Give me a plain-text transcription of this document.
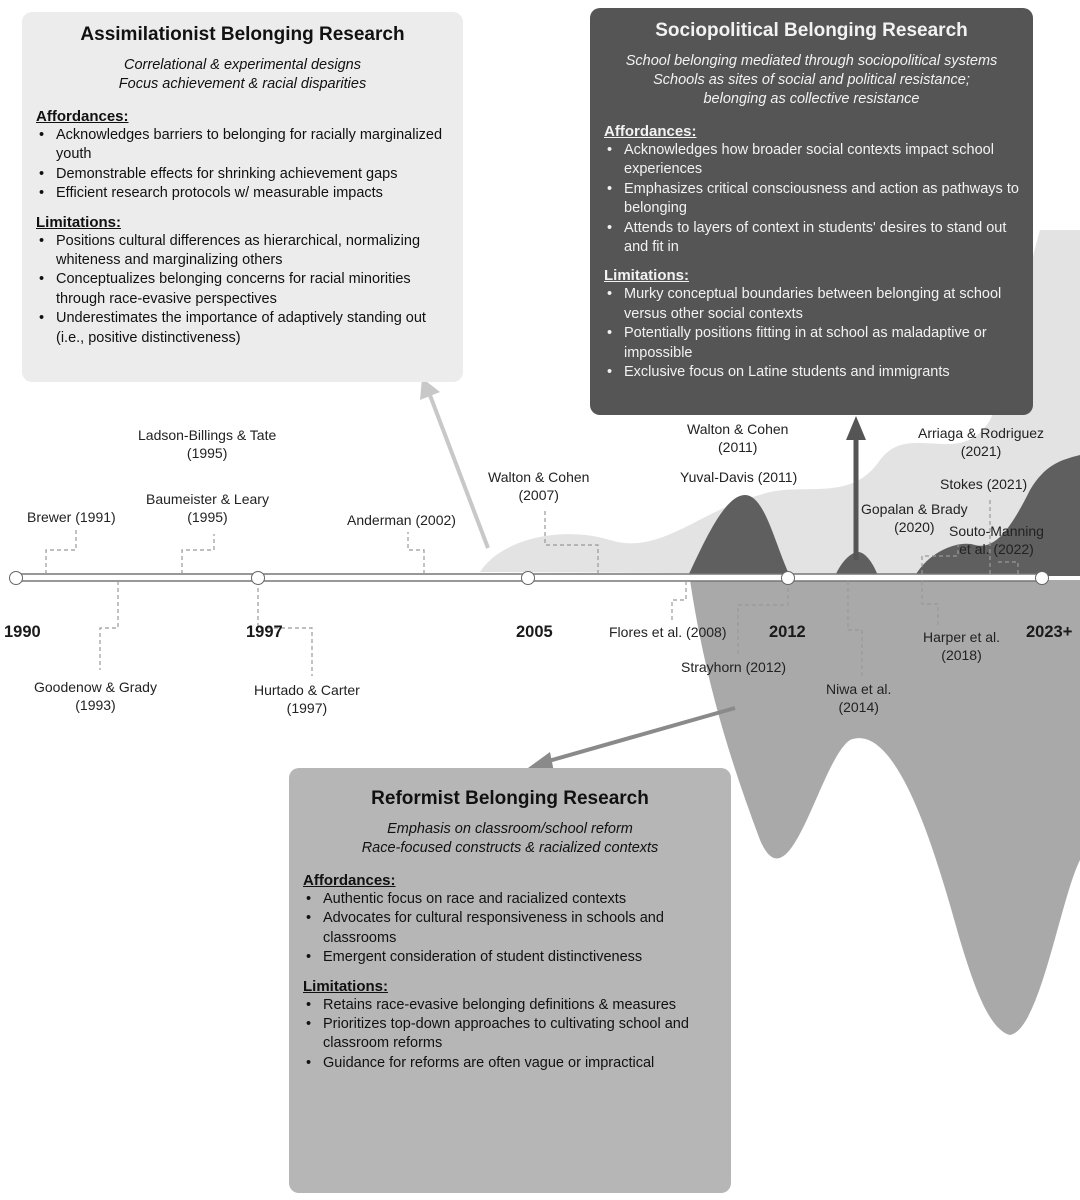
1990	1997	2005	2012	2023+
Brewer (1991)
Goodenow & Grady
(1993)
Ladson-Billings & Tate
(1995)
Baumeister & Leary
(1995)
Hurtado & Carter
(1997)
Anderman (2002)
Walton & Cohen
(2007)
Flores et al. (2008)
Walton & Cohen
(2011)
Yuval-Davis (2011)
Strayhorn (2012)
Niwa et al.
(2014)
Gopalan & Brady
(2020)
Harper et al.
(2018)
Arriaga & Rodriguez
(2021)
Stokes (2021)
Souto-Manning
et al. (2022)
Assimilationist Belonging Research
Correlational & experimental designs
Focus achievement & racial disparities
Affordances:
• Acknowledges barriers to belonging for racially marginalized youth
• Demonstrable effects for shrinking achievement gaps
• Efficient research protocols w/ measurable impacts
Limitations:
• Positions cultural differences as hierarchical, normalizing whiteness and marginalizing others
• Conceptualizes belonging concerns for racial minorities through race-evasive perspectives
• Underestimates the importance of adaptively standing out (i.e., positive distinctiveness)
Sociopolitical Belonging Research
School belonging mediated through sociopolitical systems
Schools as sites of social and political resistance;
belonging as collective resistance
Affordances:
• Acknowledges how broader social contexts impact school experiences
• Emphasizes critical consciousness and action as pathways to belonging
• Attends to layers of context in students' desires to stand out and fit in
Limitations:
• Murky conceptual boundaries between belonging at school versus other social contexts
• Potentially positions fitting in at school as maladaptive or impossible
• Exclusive focus on Latine students and immigrants
Reformist Belonging Research
Emphasis on classroom/school reform
Race-focused constructs & racialized contexts
Affordances:
• Authentic focus on race and racialized contexts
• Advocates for cultural responsiveness in schools and classrooms
• Emergent consideration of student distinctiveness
Limitations:
• Retains race-evasive belonging definitions & measures
• Prioritizes top-down approaches to cultivating school and classroom reforms
• Guidance for reforms are often vague or impractical
